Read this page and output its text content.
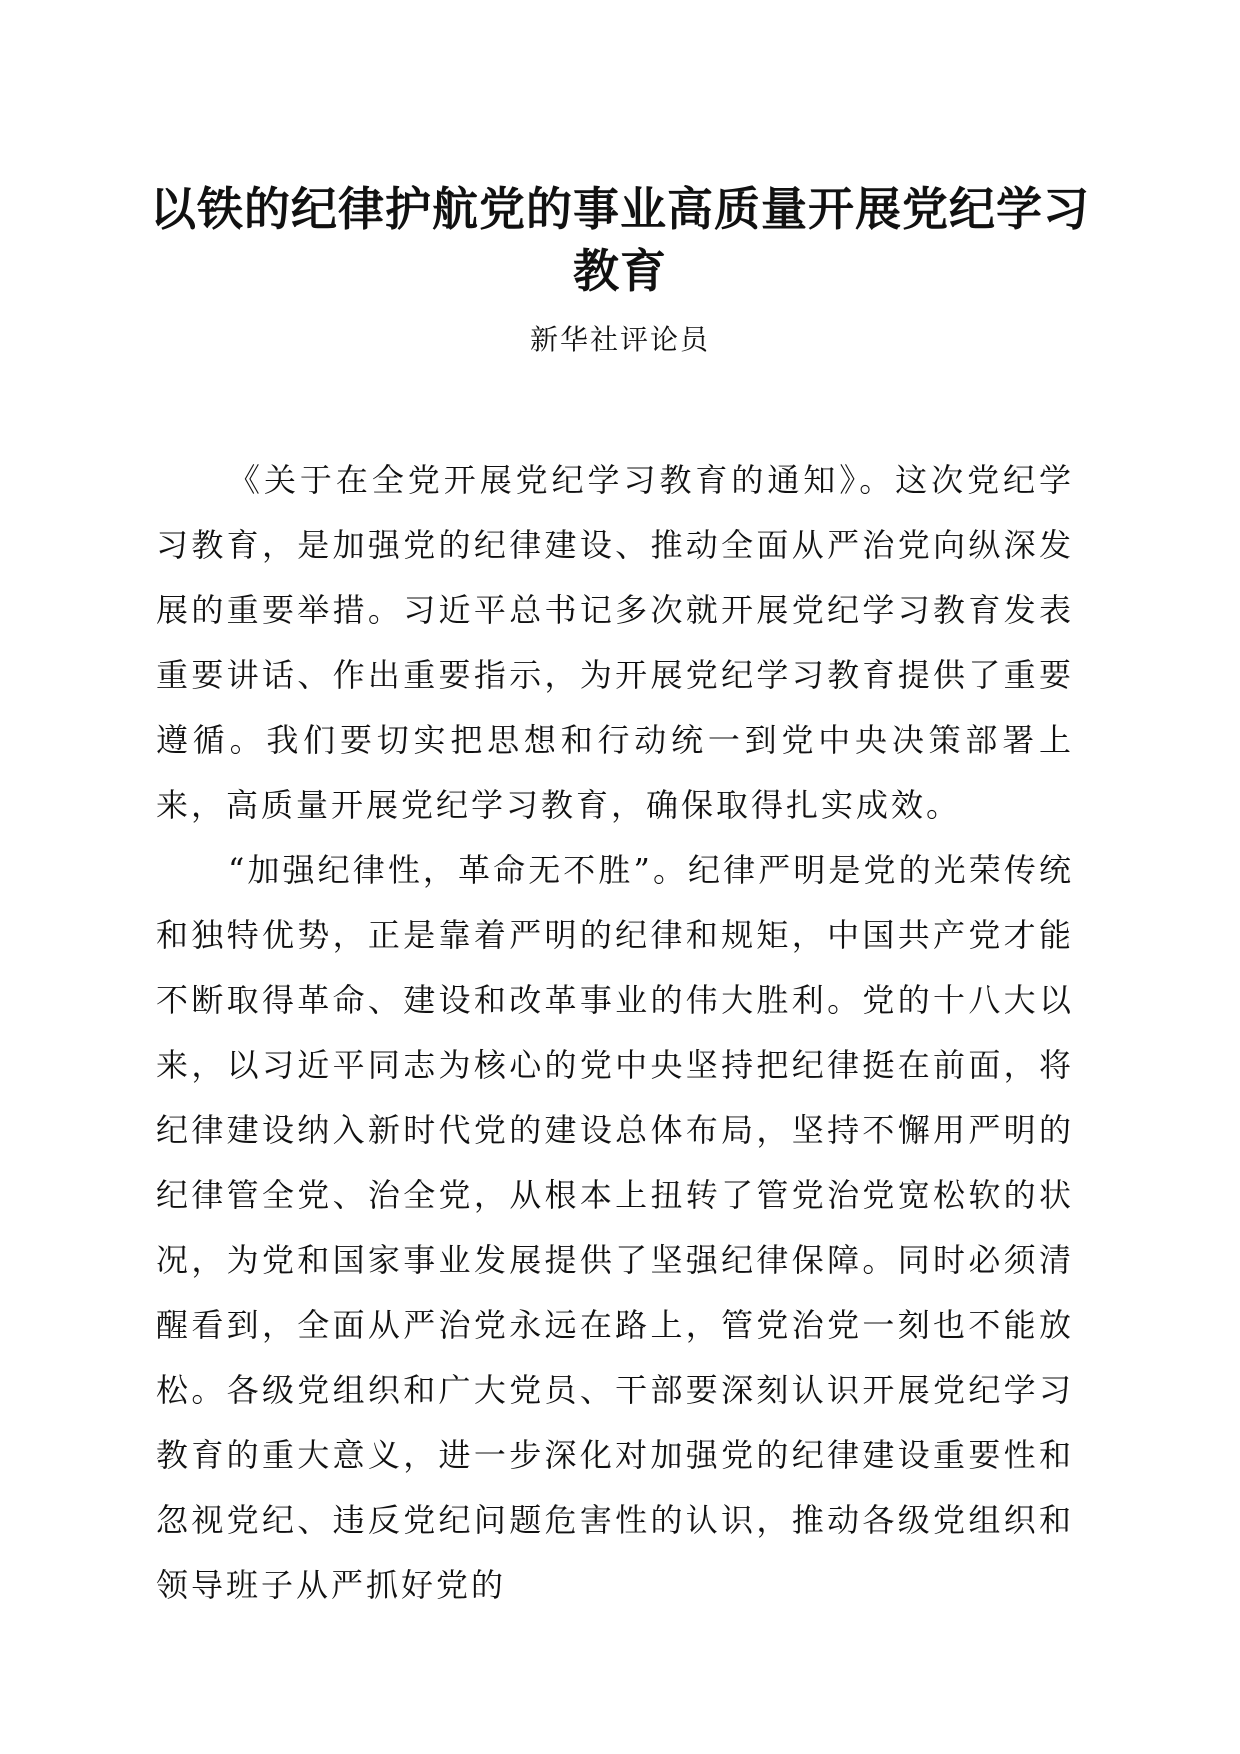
以铁的纪律护航党的事业高质量开展党纪学习教育
新华社评论员

《关于在全党开展党纪学习教育的通知》。这次党纪学习教育，是加强党的纪律建设、推动全面从严治党向纵深发展的重要举措。习近平总书记多次就开展党纪学习教育发表重要讲话、作出重要指示，为开展党纪学习教育提供了重要遵循。我们要切实把思想和行动统一到党中央决策部署上来，高质量开展党纪学习教育，确保取得扎实成效。

“加强纪律性，革命无不胜”。纪律严明是党的光荣传统和独特优势，正是靠着严明的纪律和规矩，中国共产党才能不断取得革命、建设和改革事业的伟大胜利。党的十八大以来，以习近平同志为核心的党中央坚持把纪律挺在前面，将纪律建设纳入新时代党的建设总体布局，坚持不懈用严明的纪律管全党、治全党，从根本上扭转了管党治党宽松软的状况，为党和国家事业发展提供了坚强纪律保障。同时必须清醒看到，全面从严治党永远在路上，管党治党一刻也不能放松。各级党组织和广大党员、干部要深刻认识开展党纪学习教育的重大意义，进一步深化对加强党的纪律建设重要性和忽视党纪、违反党纪问题危害性的认识，推动各级党组织和领导班子从严抓好党的
